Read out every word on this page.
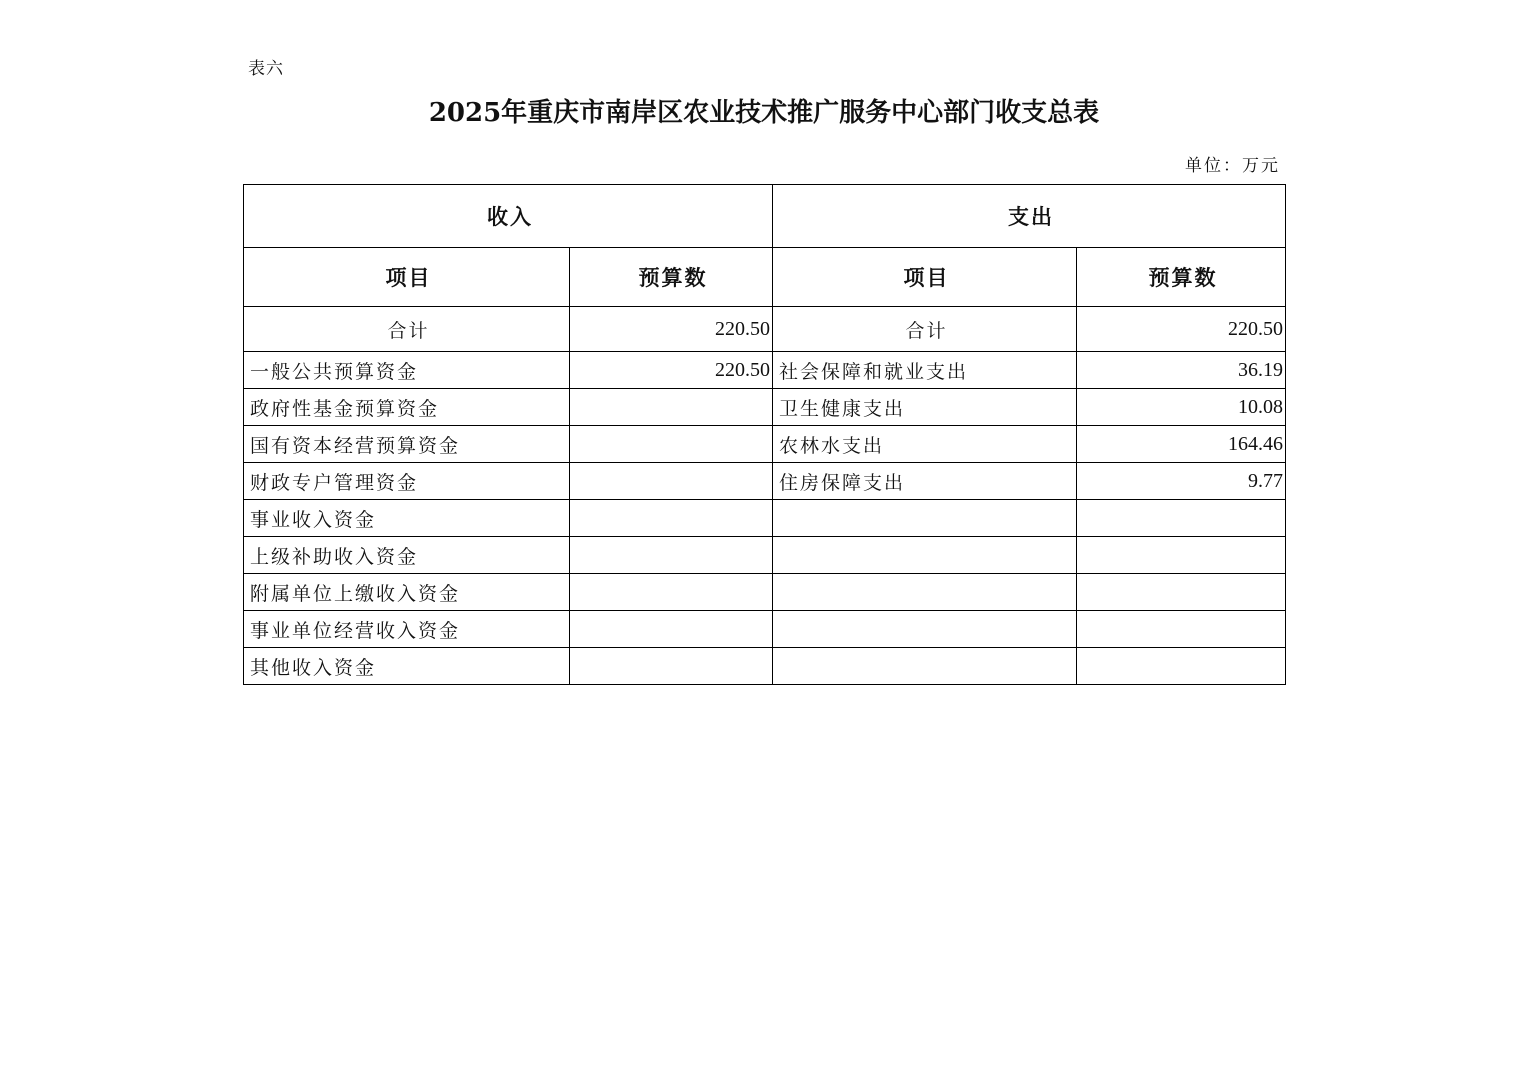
表六
2025年重庆市南岸区农业技术推广服务中心部门收支总表
单位：万元
收入		支出	
项目	预算数	项目	预算数
合计	220.50	合计	220.50
一般公共预算资金	220.50	社会保障和就业支出	36.19
政府性基金预算资金		卫生健康支出	10.08
国有资本经营预算资金		农林水支出	164.46
财政专户管理资金		住房保障支出	9.77
事业收入资金			
上级补助收入资金			
附属单位上缴收入资金			
事业单位经营收入资金			
其他收入资金			
